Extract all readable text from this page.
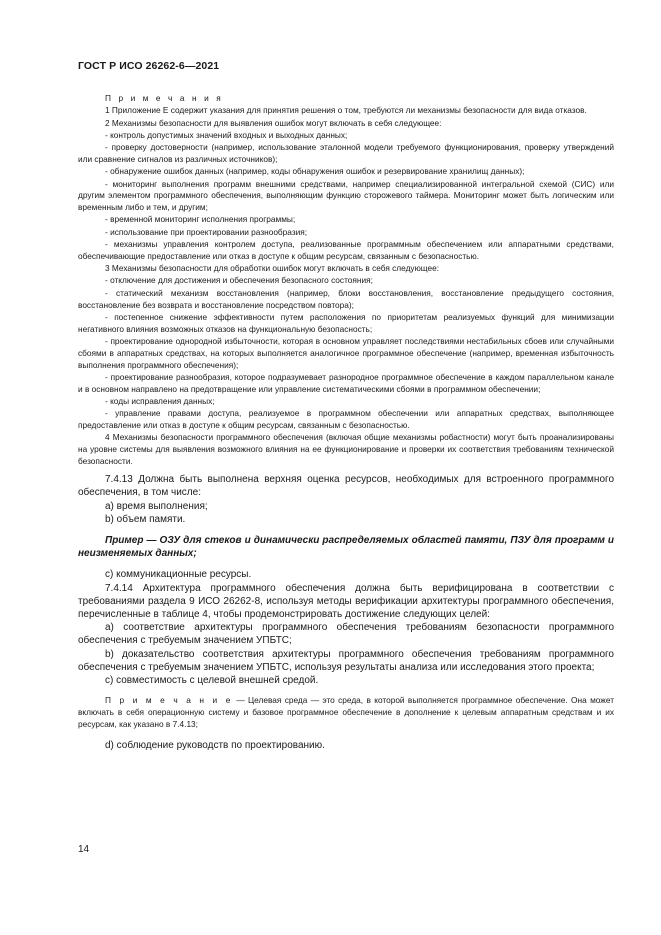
ГОСТ Р ИСО 26262-6—2021

П р и м е ч а н и я

1 Приложение Е содержит указания для принятия решения о том, требуются ли механизмы безопасности для вида отказов.

2 Механизмы безопасности для выявления ошибок могут включать в себя следующее:

- контроль допустимых значений входных и выходных данных;

- проверку достоверности (например, использование эталонной модели требуемого функционирования, проверку утверждений или сравнение сигналов из различных источников);

- обнаружение ошибок данных (например, коды обнаружения ошибок и резервирование хранилищ данных);

- мониторинг выполнения программ внешними средствами, например специализированной интегральной схемой (СИС) или другим элементом программного обеспечения, выполняющим функцию сторожевого таймера. Мониторинг может быть логическим или временным либо и тем, и другим;

- временной мониторинг исполнения программы;

- использование при проектировании разнообразия;

- механизмы управления контролем доступа, реализованные программным обеспечением или аппаратными средствами, обеспечивающие предоставление или отказ в доступе к общим ресурсам, связанным с безопасностью.

3 Механизмы безопасности для обработки ошибок могут включать в себя следующее:

- отключение для достижения и обеспечения безопасного состояния;

- статический механизм восстановления (например, блоки восстановления, восстановление предыдущего состояния, восстановление без возврата и восстановление посредством повтора);

- постепенное снижение эффективности путем расположения по приоритетам реализуемых функций для минимизации негативного влияния возможных отказов на функциональную безопасность;

- проектирование однородной избыточности, которая в основном управляет последствиями нестабильных сбоев или случайными сбоями в аппаратных средствах, на которых выполняется аналогичное программное обеспечение (например, временная избыточность выполнения программного обеспечения);

- проектирование разнообразия, которое подразумевает разнородное программное обеспечение в каждом параллельном канале и в основном направлено на предотвращение или управление систематическими сбоями в программном обеспечении;

- коды исправления данных;

- управление правами доступа, реализуемое в программном обеспечении или аппаратных средствах, выполняющее предоставление или отказ в доступе к общим ресурсам, связанным с безопасностью.

4 Механизмы безопасности программного обеспечения (включая общие механизмы робастности) могут быть проанализированы на уровне системы для выявления возможного влияния на ее функционирование и проверки их соответствия требованиям технической безопасности.

7.4.13 Должна быть выполнена верхняя оценка ресурсов, необходимых для встроенного программного обеспечения, в том числе:

a) время выполнения;

b) объем памяти.

Пример — ОЗУ для стеков и динамически распределяемых областей памяти, ПЗУ для программ и неизменяемых данных;

c) коммуникационные ресурсы.

7.4.14 Архитектура программного обеспечения должна быть верифицирована в соответствии с требованиями раздела 9 ИСО 26262-8, используя методы верификации архитектуры программного обеспечения, перечисленные в таблице 4, чтобы продемонстрировать достижение следующих целей:

a) соответствие архитектуры программного обеспечения требованиям безопасности программного обеспечения с требуемым значением УПБТС;

b) доказательство соответствия архитектуры программного обеспечения требованиям программного обеспечения с требуемым значением УПБТС, используя результаты анализа или исследования этого проекта;

c) совместимость с целевой внешней средой.

П р и м е ч а н и е — Целевая среда — это среда, в которой выполняется программное обеспечение. Она может включать в себя операционную систему и базовое программное обеспечение в дополнение к целевым аппаратным средствам и их ресурсам, как указано в 7.4.13;

d) соблюдение руководств по проектированию.

14
